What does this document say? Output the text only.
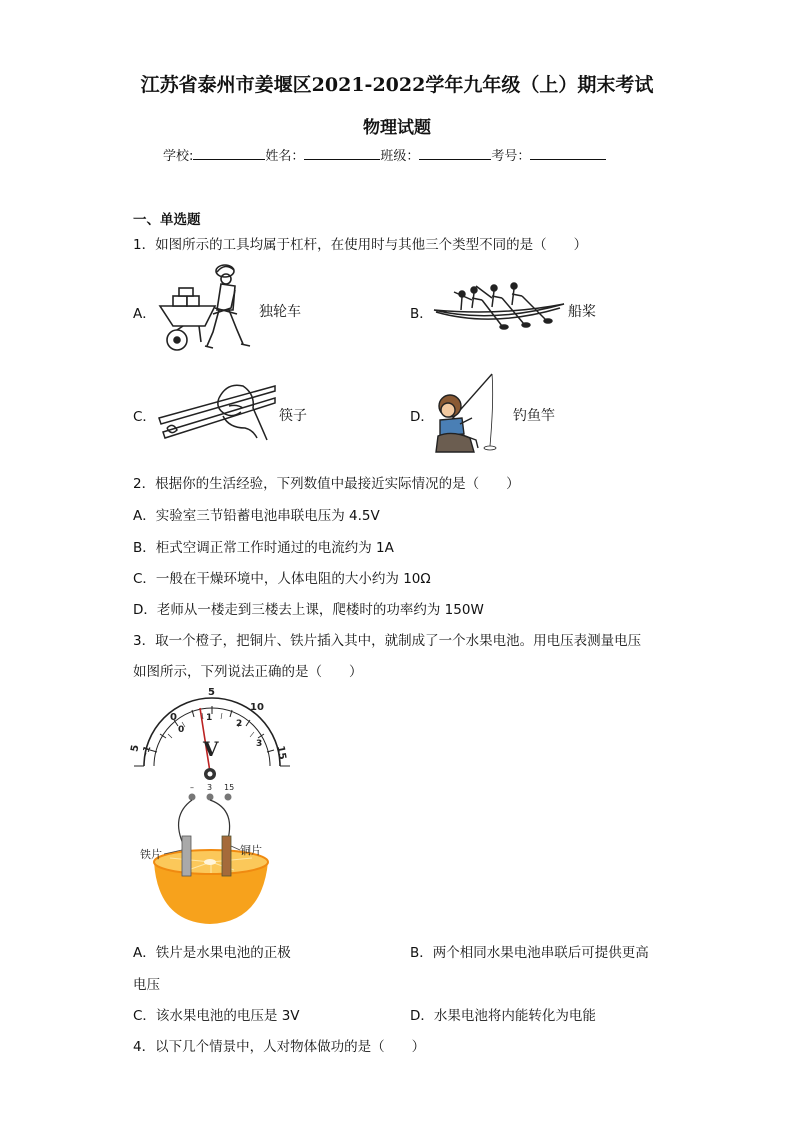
江苏省泰州市姜堰区2021-2022学年九年级（上）期末考试
物理试题
学校:	姓名：	班级：	考号：
一、单选题
1．如图所示的工具均属于杠杆，在使用时与其他三个类型不同的是（　　）
A．	独轮车	B．	船桨
C．	筷子	D．	钓鱼竿
2．根据你的生活经验，下列数值中最接近实际情况的是（　　）
A．实验室三节铅蓄电池串联电压为 4.5V
B．柜式空调正常工作时通过的电流约为 1A
C．一般在干燥环境中，人体电阻的大小约为 10Ω
D．老师从一楼走到三楼去上课，爬楼时的功率约为 150W
3．取一个橙子，把铜片、铁片插入其中，就制成了一个水果电池。用电压表测量电压
如图所示，下列说法正确的是（　　）
5
10
0	1
2
0
3
5 -1	15
V
– 3 15
铁片	铜片
A．铁片是水果电池的正极	B．两个相同水果电池串联后可提供更高
电压
C．该水果电池的电压是 3V	D．水果电池将内能转化为电能
4．以下几个情景中，人对物体做功的是（　　）
